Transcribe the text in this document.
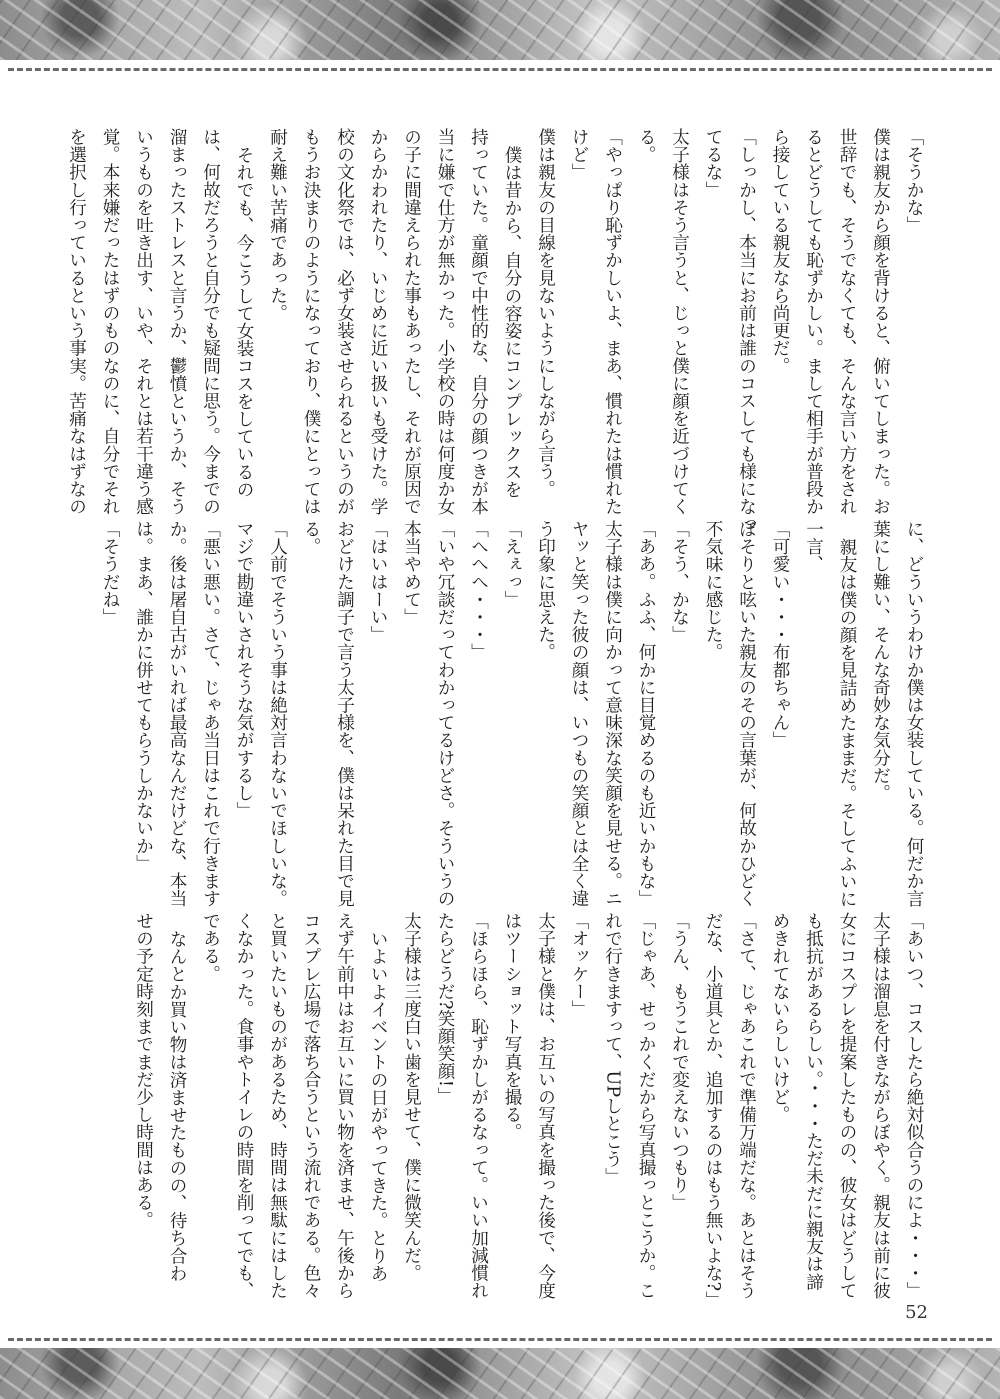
「そうかな」

僕は親友から顔を背けると、俯いてしまった。お
世辞でも、そうでなくても、そんな言い方をされ
るとどうしても恥ずかしい。まして相手が普段か
ら接している親友なら尚更だ。

「しっかし、本当にお前は誰のコスしても様になっ
てるな」

太子様はそう言うと、じっと僕に顔を近づけてく
る。

「やっぱり恥ずかしいよ、まあ、慣れたは慣れた
けど」

僕は親友の目線を見ないようにしながら言う。

僕は昔から、自分の容姿にコンプレックスを
持っていた。童顔で中性的な、自分の顔つきが本
当に嫌で仕方が無かった。小学校の時は何度か女
の子に間違えられた事もあったし、それが原因で
からかわれたり、いじめに近い扱いも受けた。学
校の文化祭では、必ず女装させられるというのが
もうお決まりのようになっており、僕にとっては
耐え難い苦痛であった。

それでも、今こうして女装コスをしているの
は、何故だろうと自分でも疑問に思う。今までの
溜まったストレスと言うか、鬱憤というか、そう
いうものを吐き出す、いや、それとは若干違う感
覚。本来嫌だったはずのものなのに、自分でそれ
を選択し行っているという事実。苦痛なはずなの

に、どういうわけか僕は女装している。何だか言
葉にし難い、そんな奇妙な気分だ。

親友は僕の顔を見詰めたままだ。そしてふいに
一言、

「可愛い・・・布都ちゃん」

ぼそりと呟いた親友のその言葉が、何故かひどく
不気味に感じた。

「そう、かな」

「ああ。ふふ、何かに目覚めるのも近いかもな」

太子様は僕に向かって意味深な笑顔を見せる。ニ
ヤッと笑った彼の顔は、いつもの笑顔とは全く違
う印象に思えた。

「えぇっ」

「へへへ・・・」

「いや冗談だってわかってるけどさ。そういうの
本当やめて」

「はいはーい」

おどけた調子で言う太子様を、僕は呆れた目で見
る。

「人前でそういう事は絶対言わないでほしいな。
マジで勘違いされそうな気がするし」

「悪い悪い。さて、じゃあ当日はこれで行きます
か。後は屠自古がいれば最高なんだけどな、本当
は。まあ、誰かに併せてもらうしかないか」

「そうだね」

「あいつ、コスしたら絶対似合うのによ・・・」

太子様は溜息を付きながらぼやく。親友は前に彼
女にコスプレを提案したものの、彼女はどうして
も抵抗があるらしい。・・・ただ未だに親友は諦
めきれてないらしいけど。

「さて、じゃあこれで準備万端だな。あとはそう
だな、小道具とか、追加するのはもう無いよな?」

「うん、もうこれで変えないつもり」

「じゃあ、せっかくだから写真撮っとこうか。こ
れで行きますって、UPしとこう」

「オッケー」

太子様と僕は、お互いの写真を撮った後で、今度
はツーショット写真を撮る。

「ほらほら、恥ずかしがるなって。いい加減慣れ
たらどうだ?笑顔笑顔!」

太子様は三度白い歯を見せて、僕に微笑んだ。

いよいよイベントの日がやってきた。とりあ
えず午前中はお互いに買い物を済ませ、午後から
コスプレ広場で落ち合うという流れである。色々
と買いたいものがあるため、時間は無駄にはした
くなかった。食事やトイレの時間を削ってでも、
である。

なんとか買い物は済ませたものの、待ち合わ
せの予定時刻までまだ少し時間はある。

52
